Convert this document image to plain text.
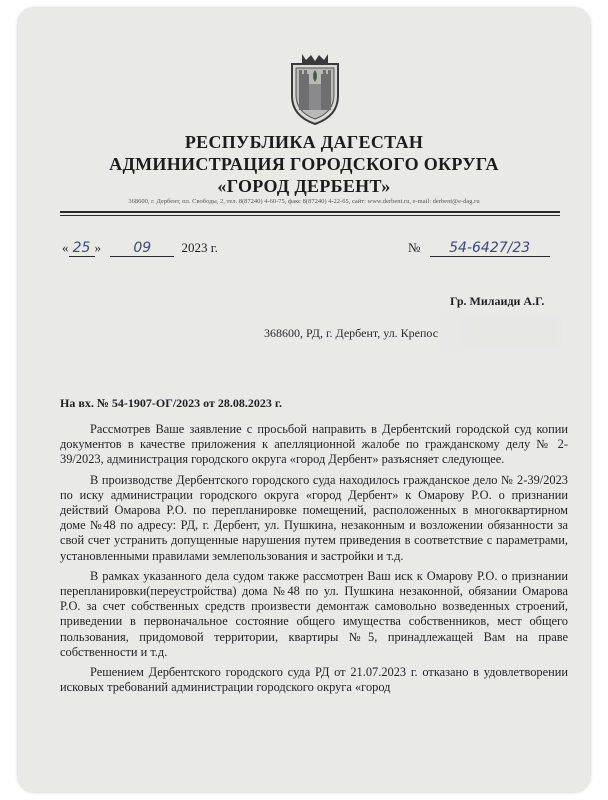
РЕСПУБЛИКА ДАГЕСТАН
АДМИНИСТРАЦИЯ ГОРОДСКОГО ОКРУГА
«ГОРОД ДЕРБЕНТ»
368600, г. Дербент, пл. Свободы, 2, тел. 8(87240) 4-60-75, факс 8(87240) 4-22-65, сайт: www.derbent.ru, e-mail: derbent@e-dag.ru
« 25 » 09 2023 г.	№ 54-6427/23
Гр. Милаиди А.Г.
368600, РД, г. Дербент, ул. Крепос
На вх. № 54-1907-ОГ/2023 от 28.08.2023 г.

Рассмотрев Ваше заявление с просьбой направить в Дербентский городской суд копии документов в качестве приложения к апелляционной жалобе по гражданскому делу № 2-39/2023, администрация городского округа «город Дербент» разъясняет следующее.

В производстве Дербентского городского суда находилось гражданское дело № 2-39/2023 по иску администрации городского округа «город Дербент» к Омарову Р.О. о признании действий Омарова Р.О. по перепланировке помещений, расположенных в многоквартирном доме №48 по адресу: РД, г. Дербент, ул. Пушкина, незаконным и возложении обязанности за свой счет устранить допущенные нарушения путем приведения в соответствие с параметрами, установленными правилами землепользования и застройки и т.д.

В рамках указанного дела судом также рассмотрен Ваш иск к Омарову Р.О. о признании перепланировки(переустройства) дома №48 по ул. Пушкина незаконной, обязании Омарова Р.О. за счет собственных средств произвести демонтаж самовольно возведенных строений, приведении в первоначальное состояние общего имущества собственников, мест общего пользования, придомовой территории, квартиры №5, принадлежащей Вам на праве собственности и т.д.

Решением Дербентского городского суда РД от 21.07.2023 г. отказано в удовлетворении исковых требований администрации городского округа «город
